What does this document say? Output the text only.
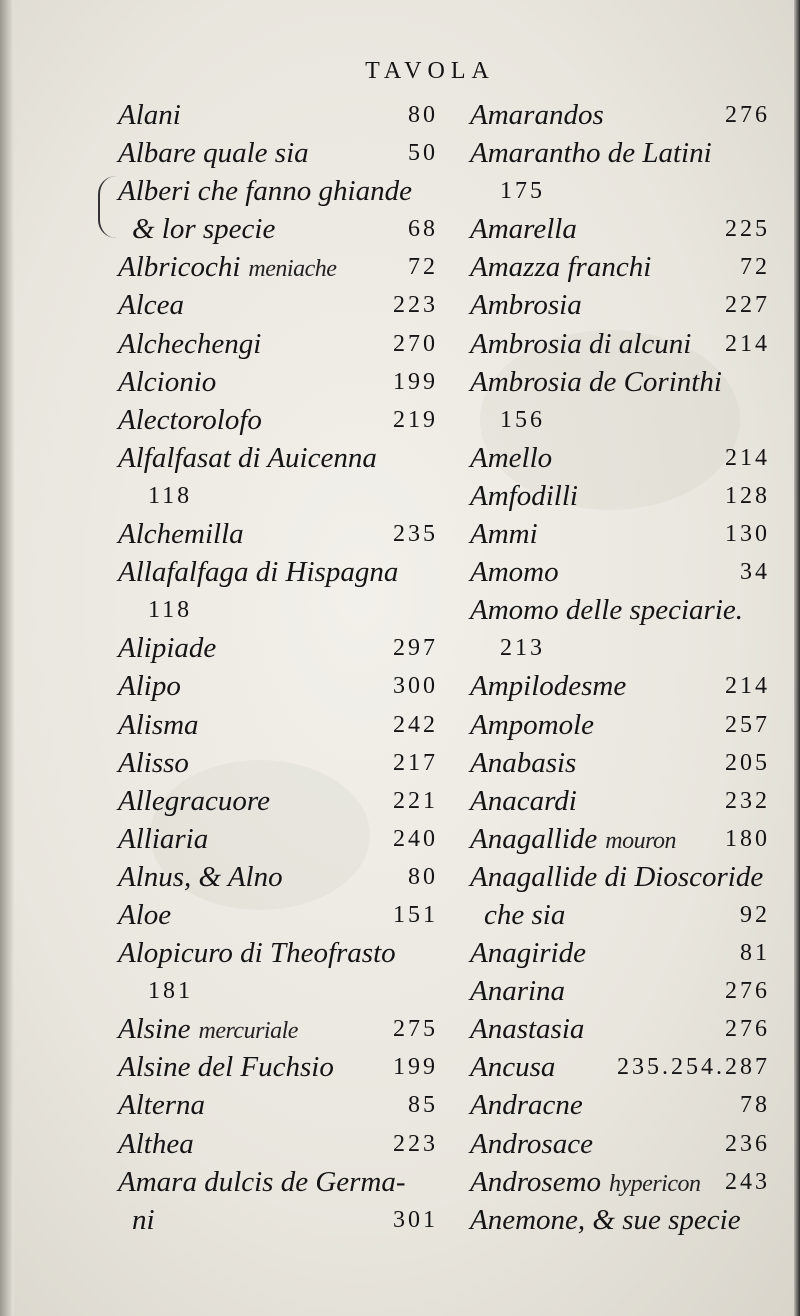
TAVOLA
Alani	80
Albare quale sia	50
Alberi che fanno ghiande
& lor specie	68
Albricochi meniache	72
Alcea	223
Alchechengi	270
Alcionio	199
Alectorolofo	219
Alfalfasat di Auicenna
118
Alchemilla	235
Allafalfaga di Hispagna
118
Alipiade	297
Alipo	300
Alisma	242
Alisso	217
Allegracuore	221
Alliaria	240
Alnus, & Alno	80
Aloe	151
Alopicuro di Theofrasto
181
Alsine mercuriale	275
Alsine del Fuchsio 199
Alterna	85
Althea	223
Amara dulcis de Germa-
ni	301
Amarandos	276
Amarantho de Latini
175
Amarella	225
Amazza franchi	72
Ambrosia	227
Ambrosia di alcuni 214
Ambrosia de Corinthi
156
Amello	214
Amfodilli	128
Ammi	130
Amomo	34
Amomo delle speciarie.
213
Ampilodesme	214
Ampomole	257
Anabasis	205
Anacardi	232
Anagallide mouron 180
Anagallide di Dioscoride
che sia	92
Anagiride	81
Anarina	276
Anastasia	276
Ancusa	235.254.287
Andracne	78
Androsace	236
Androsemo hypericon 243
Anemone, & sue specie
